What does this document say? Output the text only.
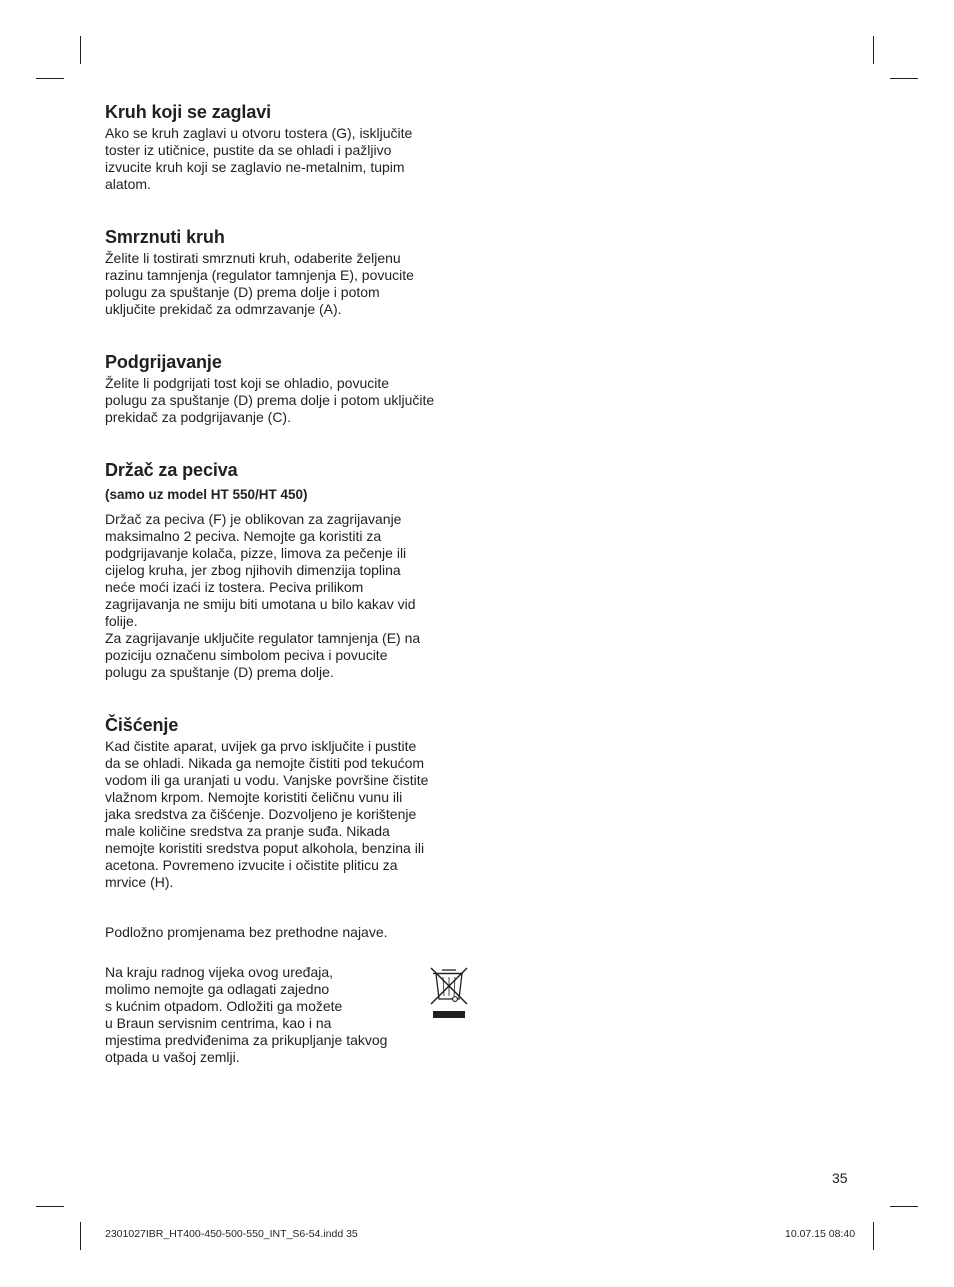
Kruh koji se zaglavi

Ako se kruh zaglavi u otvoru tostera (G), isključite
toster iz utičnice, pustite da se ohladi i pažljivo
izvucite kruh koji se zaglavio ne-metalnim, tupim
alatom.

Smrznuti kruh

Želite li tostirati smrznuti kruh, odaberite željenu
razinu tamnjenja (regulator tamnjenja E), povucite
polugu za spuštanje (D) prema dolje i potom
uključite prekidač za odmrzavanje (A).

Podgrijavanje

Želite li podgrijati tost koji se ohladio, povucite
polugu za spuštanje (D) prema dolje i potom uključite
prekidač za podgrijavanje (C).

Držač za peciva
(samo uz model HT 550/HT 450)

Držač za peciva (F) je oblikovan za zagrijavanje
maksimalno 2 peciva. Nemojte ga koristiti za
podgrijavanje kolača, pizze, limova za pečenje ili
cijelog kruha, jer zbog njihovih dimenzija toplina
neće moći izaći iz tostera. Peciva prilikom
zagrijavanja ne smiju biti umotana u bilo kakav vid
folije.
Za zagrijavanje uključite regulator tamnjenja (E) na
poziciju označenu simbolom peciva i povucite
polugu za spuštanje (D) prema dolje.

Čišćenje

Kad čistite aparat, uvijek ga prvo isključite i pustite
da se ohladi. Nikada ga nemojte čistiti pod tekućom
vodom ili ga uranjati u vodu. Vanjske površine čistite
vlažnom krpom. Nemojte koristiti čeličnu vunu ili
jaka sredstva za čišćenje. Dozvoljeno je korištenje
male količine sredstva za pranje suđa. Nikada
nemojte koristiti sredstva poput alkohola, benzina ili
acetona. Povremeno izvucite i očistite pliticu za
mrvice (H).

Podložno promjenama bez prethodne najave.

Na kraju radnog vijeka ovog uređaja,
molimo nemojte ga odlagati zajedno
s kućnim otpadom. Odložiti ga možete
u Braun servisnim centrima, kao i na
mjestima predviđenima za prikupljanje takvog
otpada u vašoj zemlji.

35
2301027IBR_HT400-450-500-550_INT_S6-54.indd 35	10.07.15 08:40
